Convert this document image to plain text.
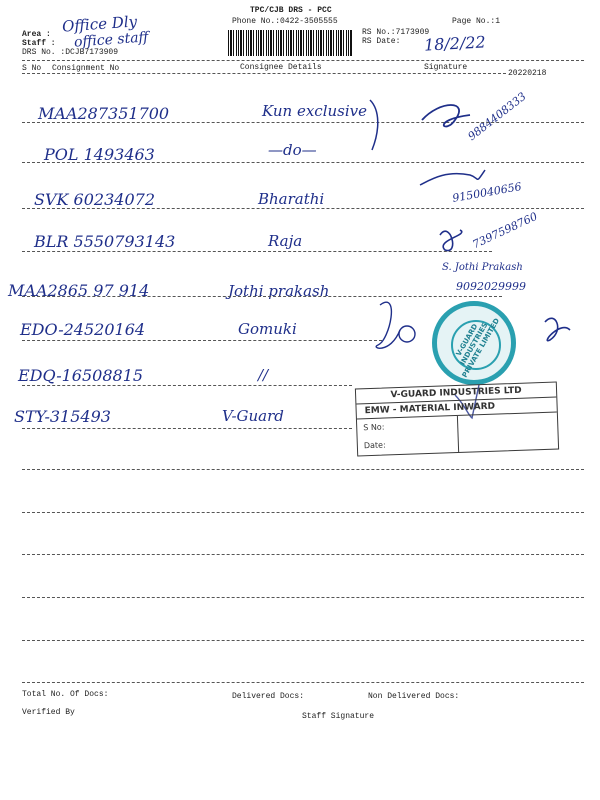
TPC/CJB DRS - PCC
Phone No.:0422-3505555	Page No.:1
Area :
Staff :
DRS No. :DCJB7173909
Office Dly
office staff	RS No.:7173909
RS Date: 18/2/22
S No Consignment No	Consignee Details	Signature
20220218
MAA287351700	Kun exclusive	9884408333
POL 1493463	—do—
SVK 60234072	Bharathi	9150040656
BLR 5550793143	Raja	7397598760
S. Jothi Prakash
MAA2865 97 914	Jothi prakash	9092029999
EDO-24520164	Gomuki
EDQ-16508815	//
STY-315493	V-Guard
V-GUARD INDUSTRIES PRIVATE LIMITED
V-GUARD INDUSTRIES LTD
EMW - MATERIAL INWARD
S No:
Date:
Total No. Of Docs:	Delivered Docs:	Non Delivered Docs:
Verified By	Staff Signature
